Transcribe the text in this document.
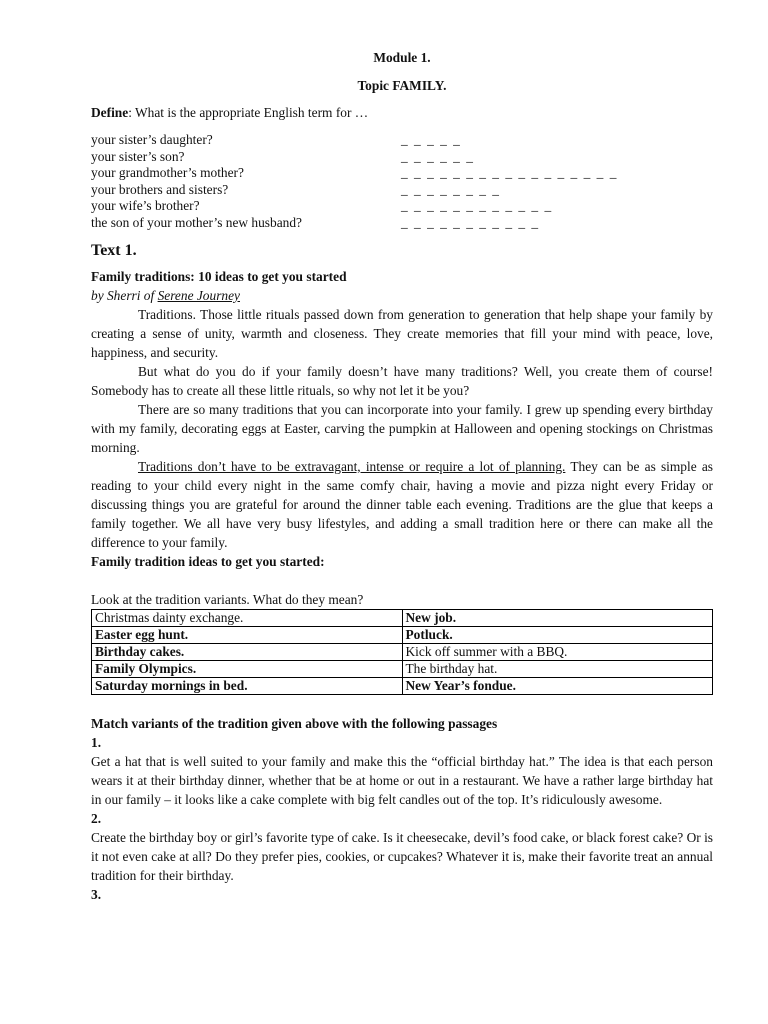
Module 1.

Topic FAMILY.

Define: What is the appropriate English term for …

your sister’s daughter?	_ _ _ _ _
your sister’s son?	_ _ _ _ _ _
your grandmother’s mother?	_ _ _ _ _ _ _ _ _ _ _ _ _ _ _ _ _
your brothers and sisters?	_ _ _ _ _ _ _ _
your wife’s brother?	_ _ _ _ _ _ _ _ _ _ _ _
the son of your mother’s new husband?	_ _ _ _ _ _ _ _ _ _ _

Text 1.

Family traditions: 10 ideas to get you started

by Sherri of Serene Journey

Traditions. Those little rituals passed down from generation to generation that help shape your family by creating a sense of unity, warmth and closeness. They create memories that fill your mind with peace, love, happiness, and security.

But what do you do if your family doesn’t have many traditions? Well, you create them of course! Somebody has to create all these little rituals, so why not let it be you?

There are so many traditions that you can incorporate into your family. I grew up spending every birthday with my family, decorating eggs at Easter, carving the pumpkin at Halloween and opening stockings on Christmas morning.

Traditions don’t have to be extravagant, intense or require a lot of planning. They can be as simple as reading to your child every night in the same comfy chair, having a movie and pizza night every Friday or discussing things you are grateful for around the dinner table each evening. Traditions are the glue that keeps a family together. We all have very busy lifestyles, and adding a small tradition here or there can make all the difference to your family.

Family tradition ideas to get you started:

Look at the tradition variants. What do they mean?

Christmas dainty exchange.	New job.
Easter egg hunt.	Potluck.
Birthday cakes.	Kick off summer with a BBQ.
Family Olympics.	The birthday hat.
Saturday mornings in bed.	New Year’s fondue.

Match variants of the tradition given above with the following passages

1.

Get a hat that is well suited to your family and make this the “official birthday hat.” The idea is that each person wears it at their birthday dinner, whether that be at home or out in a restaurant. We have a rather large birthday hat in our family – it looks like a cake complete with big felt candles out of the top. It’s ridiculously awesome.

2.

Create the birthday boy or girl’s favorite type of cake. Is it cheesecake, devil’s food cake, or black forest cake? Or is it not even cake at all? Do they prefer pies, cookies, or cupcakes? Whatever it is, make their favorite treat an annual tradition for their birthday.

3.
